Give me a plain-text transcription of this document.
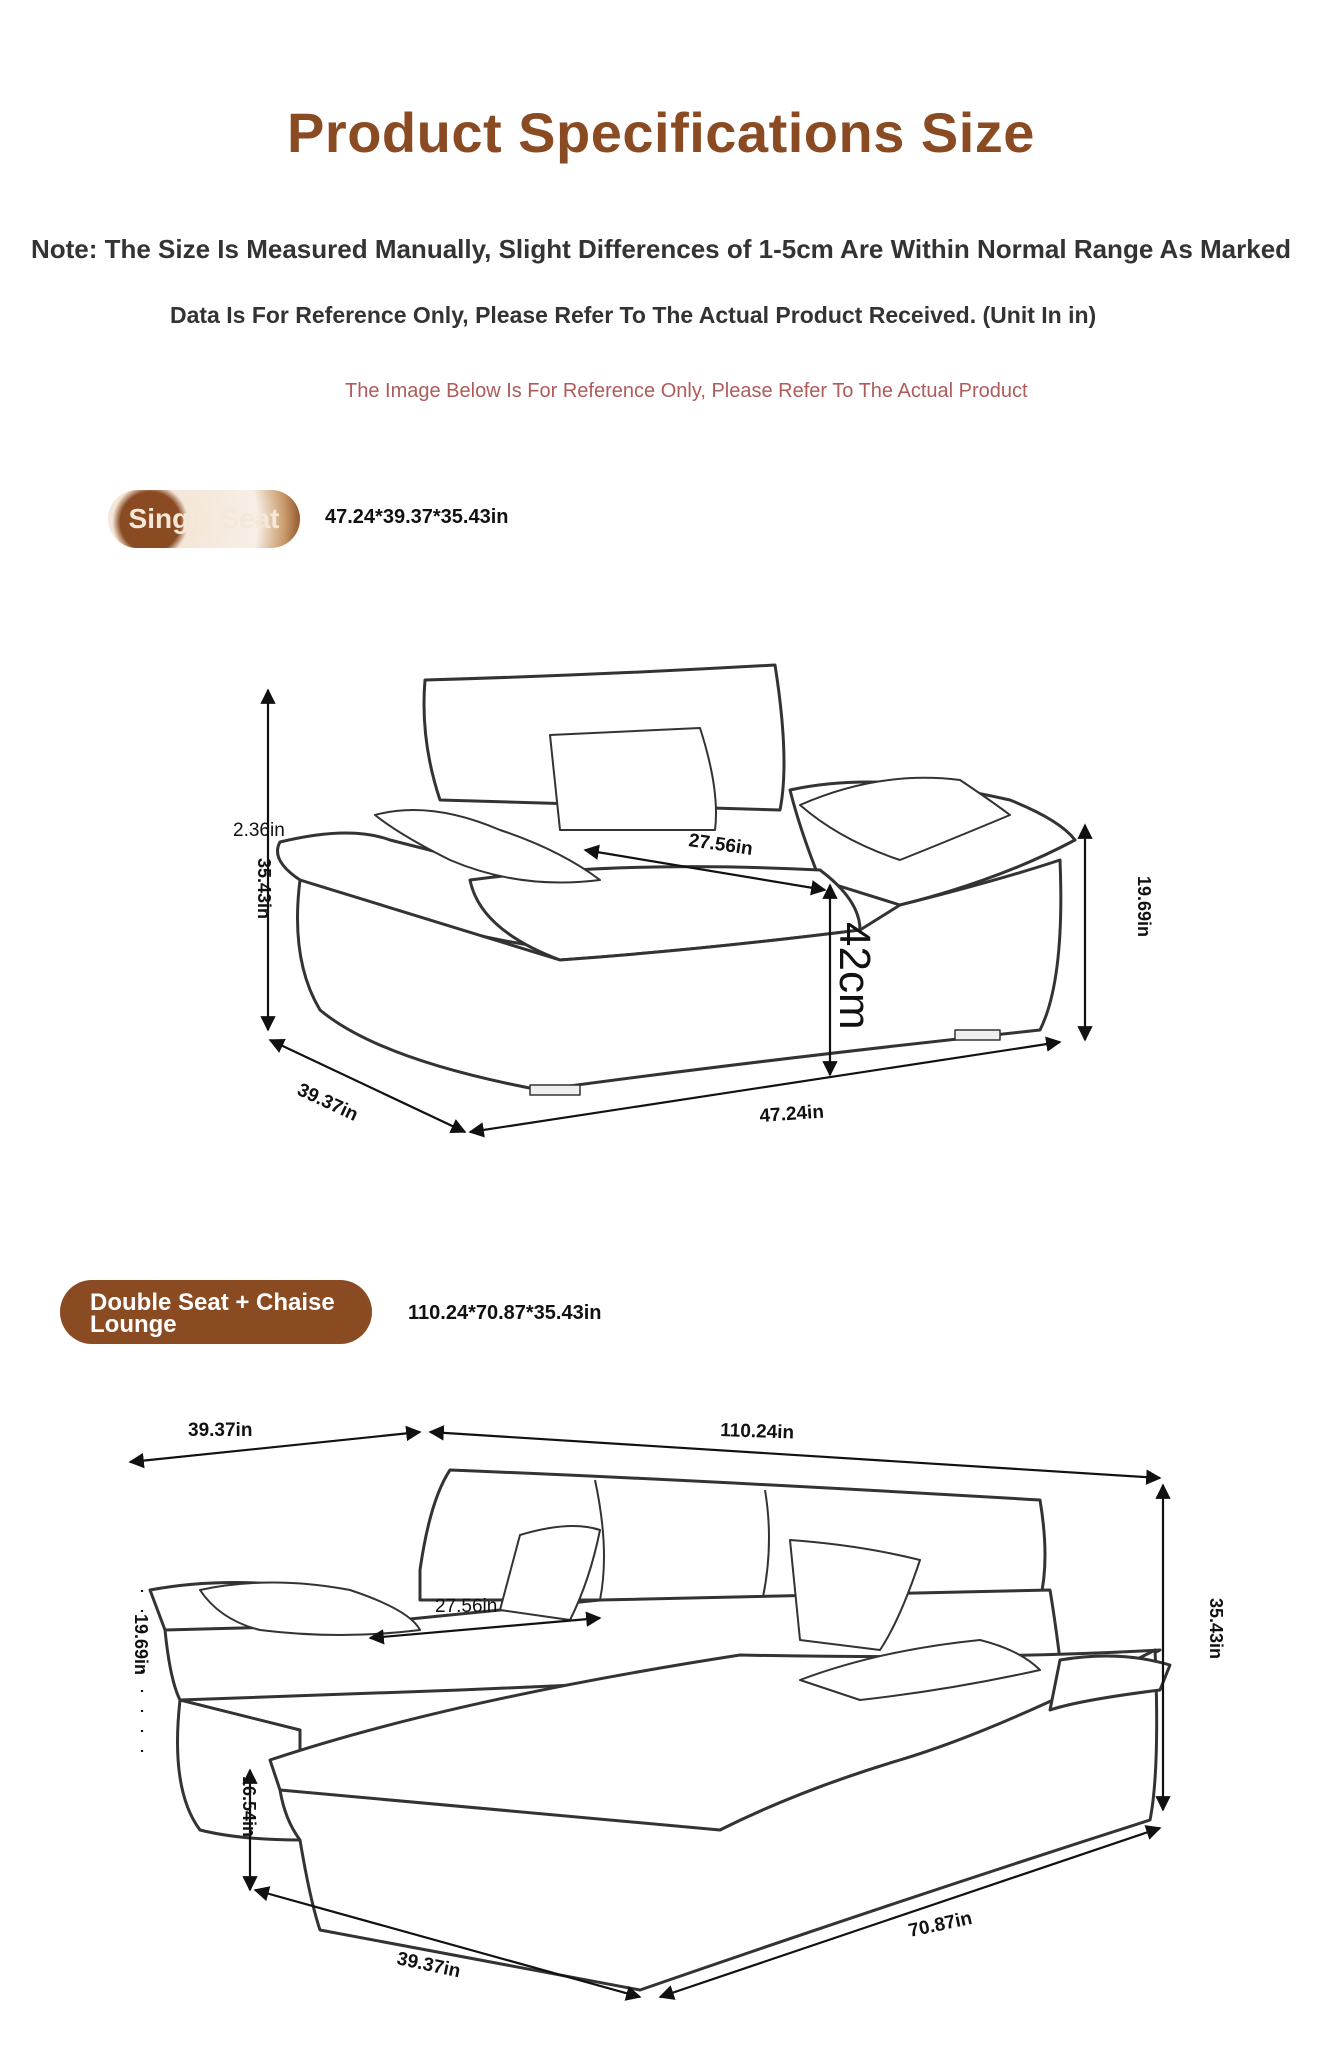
Product Specifications Size
Note: The Size Is Measured Manually, Slight Differences of 1-5cm Are Within Normal Range As Marked
Data Is For Reference Only, Please Refer To The Actual Product Received. (Unit In in)
The Image Below Is For Reference Only, Please Refer To The Actual Product
Single Seat	47.24*39.37*35.43in
Double Seat + Chaise
Lounge	110.24*70.87*35.43in
35.43in
2.36in	27.56in
42cm
19.69in
39.37in	47.24in
39.37in	110.24in
27.56in
19.69in
16.54in
35.43in
70.87in
39.37in
